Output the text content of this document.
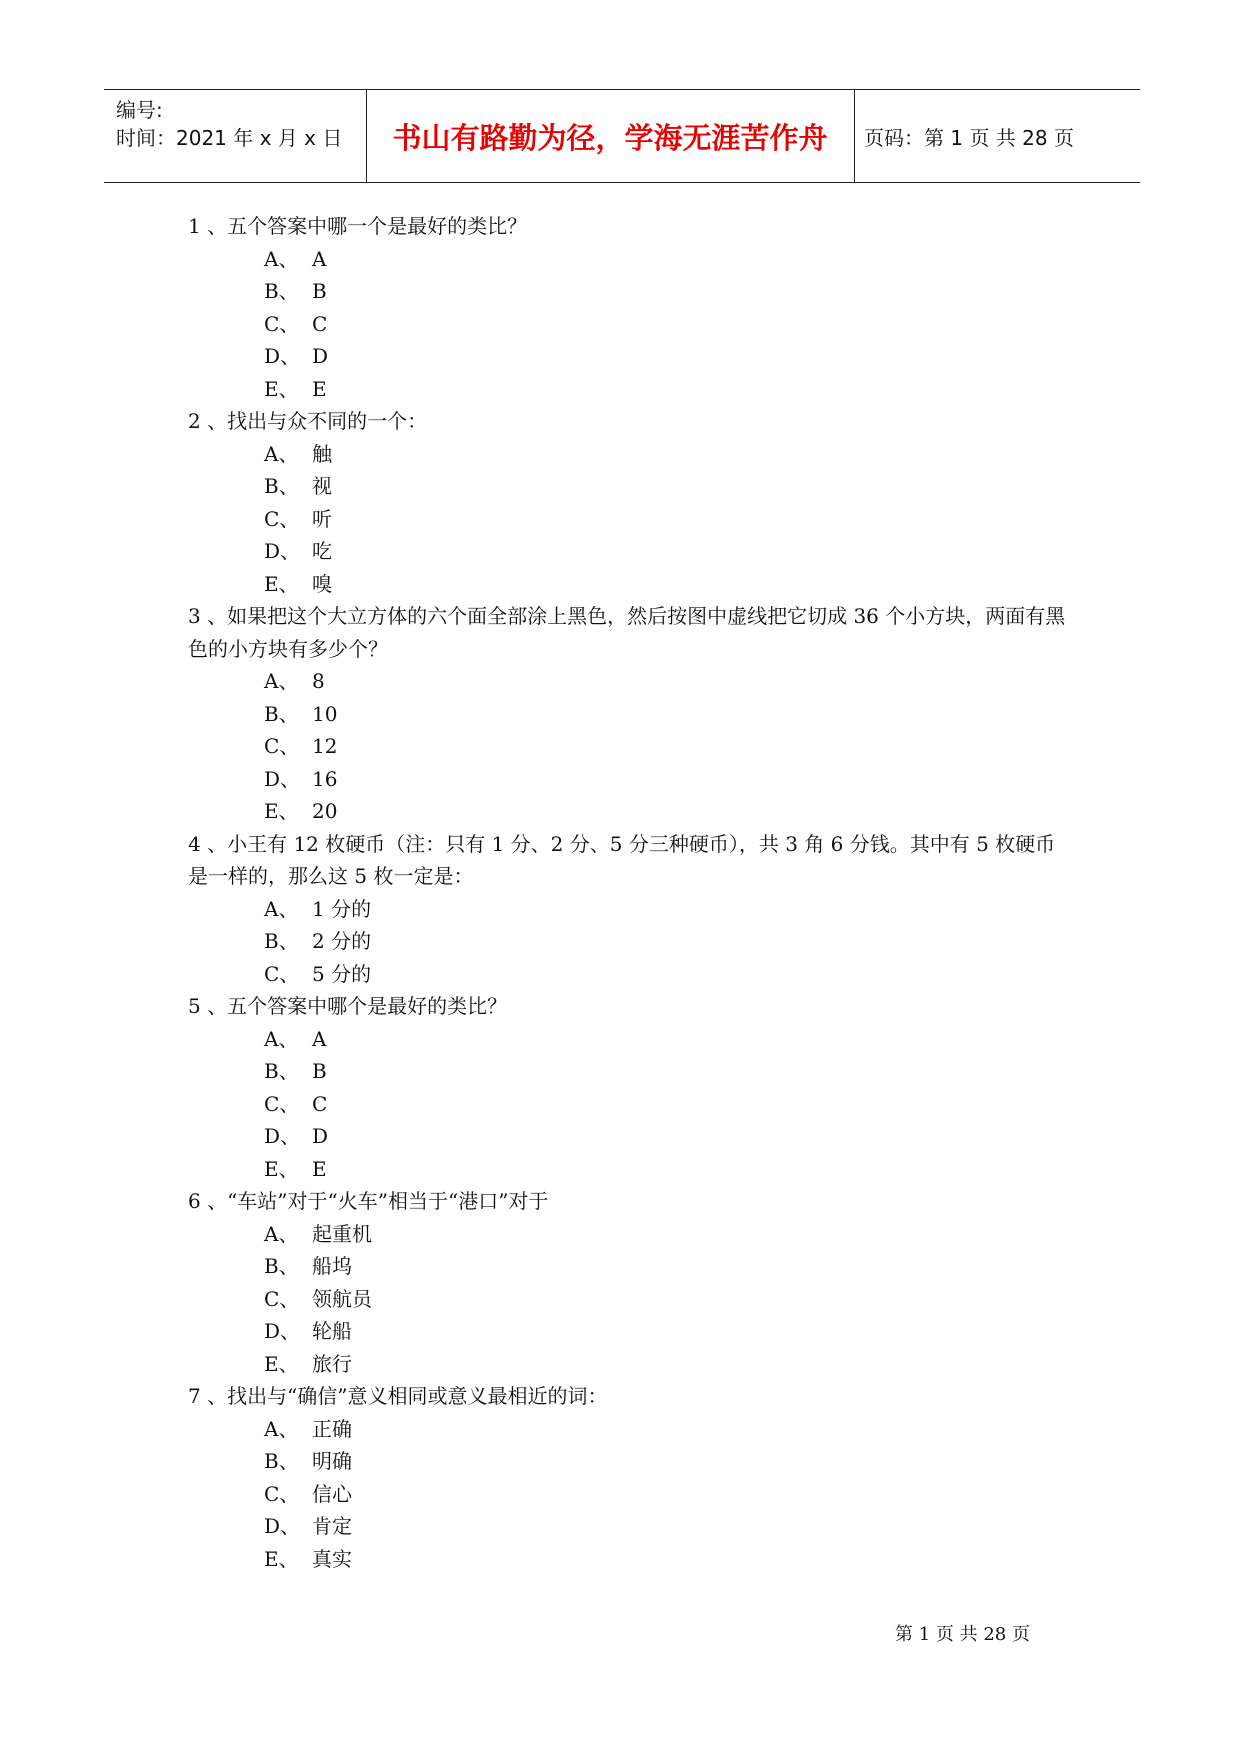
编号:
时间：2021 年 x 月 x 日	书山有路勤为径，学海无涯苦作舟	页码：第 1 页 共 28 页
1 、五个答案中哪一个是最好的类比？
A、 A
B、 B
C、 C
D、 D
E、 E
2 、找出与众不同的一个：
A、 触
B、 视
C、 听
D、 吃
E、 嗅
3 、如果把这个大立方体的六个面全部涂上黑色，然后按图中虚线把它切成 36 个小方块，两面有黑色的小方块有多少个？
A、 8
B、 10
C、 12
D、 16
E、 20
4 、小王有 12 枚硬币（注：只有 1 分、2 分、5 分三种硬币），共 3 角 6 分钱。其中有 5 枚硬币是一样的，那么这 5 枚一定是：
A、 1 分的
B、 2 分的
C、 5 分的
5 、五个答案中哪个是最好的类比？
A、 A
B、 B
C、 C
D、 D
E、 E
6 、“车站”对于“火车”相当于“港口”对于
A、 起重机
B、 船坞
C、 领航员
D、 轮船
E、 旅行
7 、找出与“确信”意义相同或意义最相近的词：
A、 正确
B、 明确
C、 信心
D、 肯定
E、 真实
第 1 页 共 28 页
